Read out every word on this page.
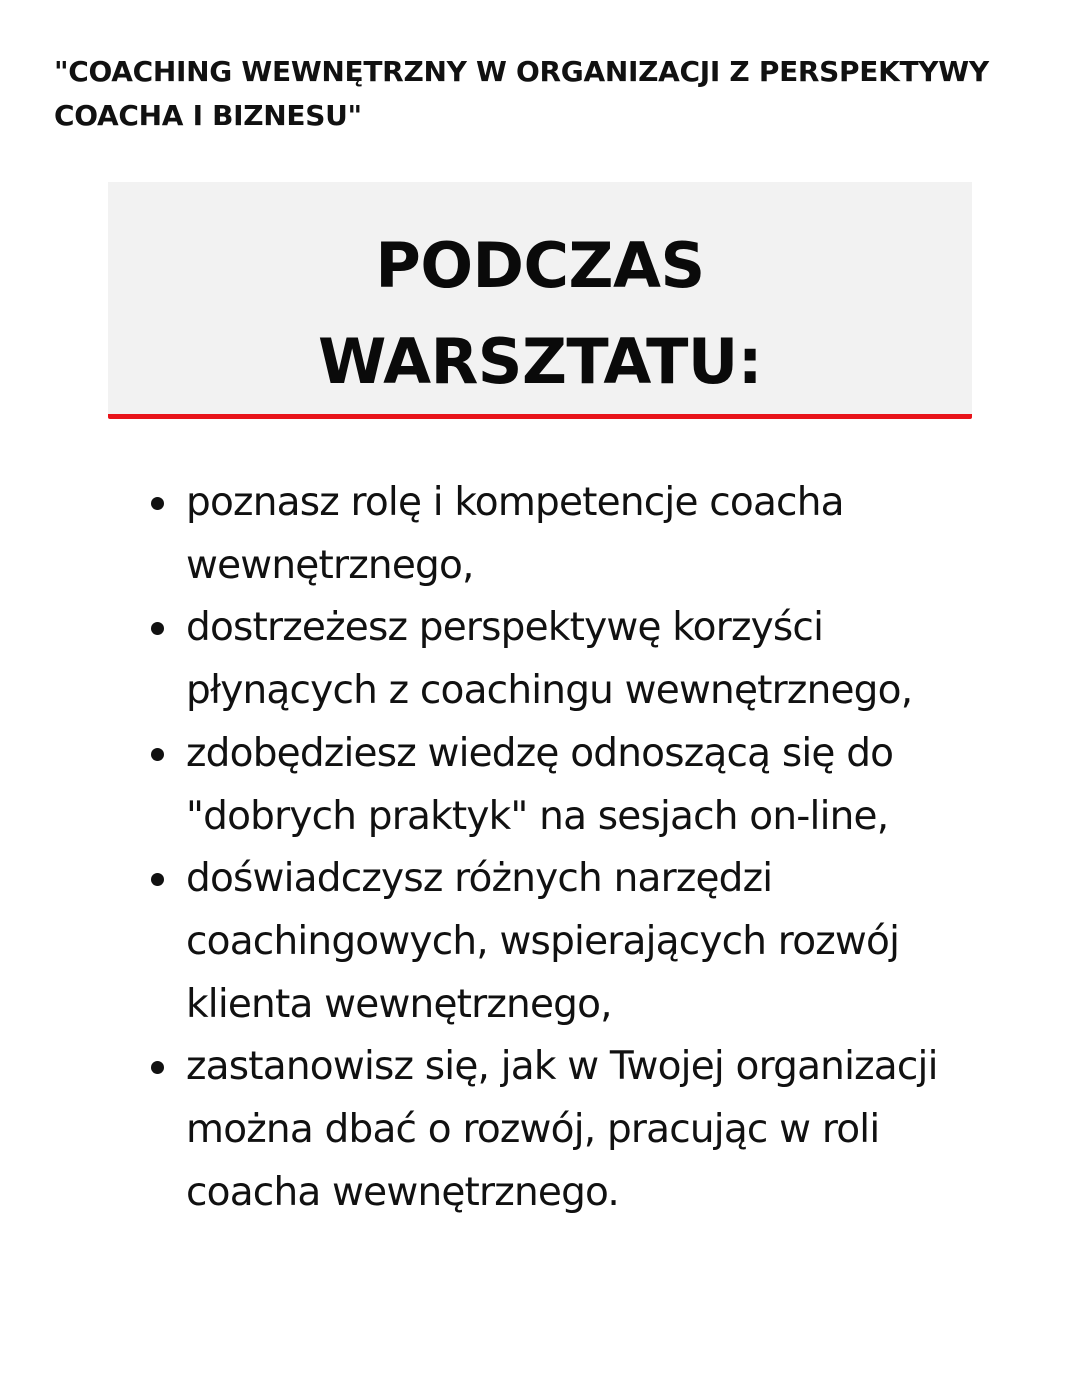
"COACHING WEWNĘTRZNY W ORGANIZACJI Z PERSPEKTYWY COACHA I BIZNESU"
PODCZAS
WARSZTATU:
poznasz rolę i kompetencje coacha wewnętrznego,
dostrzeżesz perspektywę korzyści płynących z coachingu wewnętrznego,
zdobędziesz wiedzę odnoszącą się do "dobrych praktyk" na sesjach on-line,
doświadczysz różnych narzędzi coachingowych, wspierających rozwój klienta wewnętrznego,
zastanowisz się, jak w Twojej organizacji można dbać o rozwój, pracując w roli coacha wewnętrznego.
